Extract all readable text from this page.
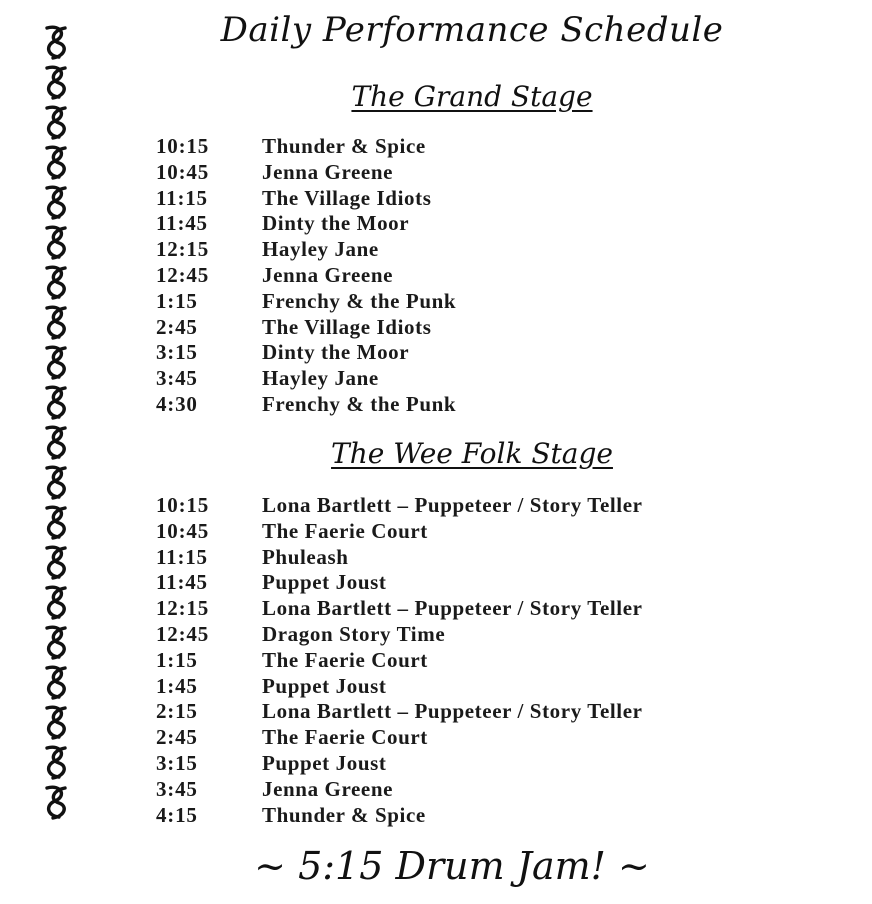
Daily Performance Schedule
The Grand Stage
10:15	Thunder & Spice
10:45	Jenna Greene
11:15	The Village Idiots
11:45	Dinty the Moor
12:15	Hayley Jane
12:45	Jenna Greene
1:15	Frenchy & the Punk
2:45	The Village Idiots
3:15	Dinty the Moor
3:45	Hayley Jane
4:30	Frenchy & the Punk
The Wee Folk Stage
10:15	Lona Bartlett – Puppeteer / Story Teller
10:45	The Faerie Court
11:15	Phuleash
11:45	Puppet Joust
12:15	Lona Bartlett – Puppeteer / Story Teller
12:45	Dragon Story Time
1:15	The Faerie Court
1:45	Puppet Joust
2:15	Lona Bartlett – Puppeteer / Story Teller
2:45	The Faerie Court
3:15	Puppet Joust
3:45	Jenna Greene
4:15	Thunder & Spice
~ 5:15 Drum Jam! ~
